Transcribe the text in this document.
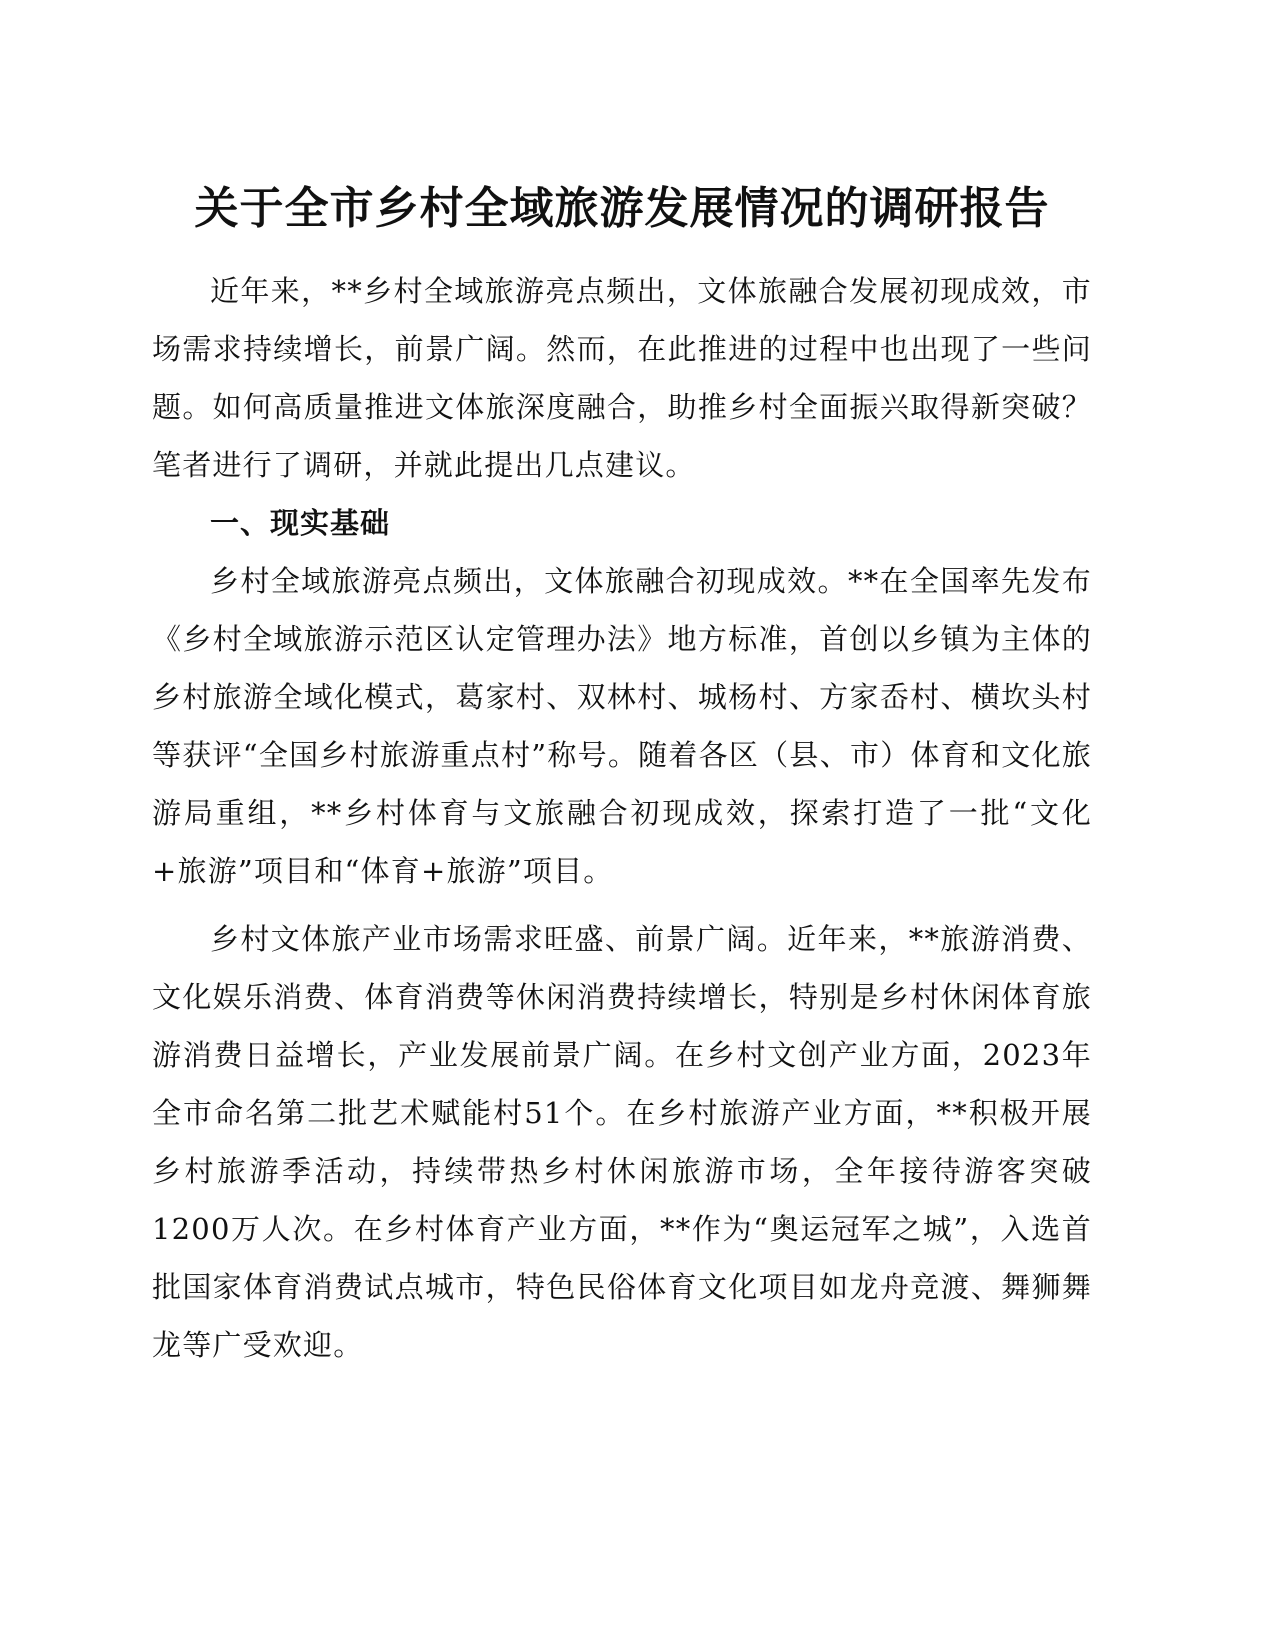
关于全市乡村全域旅游发展情况的调研报告

近年来，**乡村全域旅游亮点频出，文体旅融合发展初现成效，市场需求持续增长，前景广阔。然而，在此推进的过程中也出现了一些问题。如何高质量推进文体旅深度融合，助推乡村全面振兴取得新突破？笔者进行了调研，并就此提出几点建议。

一、现实基础

乡村全域旅游亮点频出，文体旅融合初现成效。**在全国率先发布《乡村全域旅游示范区认定管理办法》地方标准，首创以乡镇为主体的乡村旅游全域化模式，葛家村、双林村、城杨村、方家岙村、横坎头村等获评“全国乡村旅游重点村”称号。随着各区（县、市）体育和文化旅游局重组，**乡村体育与文旅融合初现成效，探索打造了一批“文化+旅游”项目和“体育+旅游”项目。

乡村文体旅产业市场需求旺盛、前景广阔。近年来，**旅游消费、文化娱乐消费、体育消费等休闲消费持续增长，特别是乡村休闲体育旅游消费日益增长，产业发展前景广阔。在乡村文创产业方面，2023年全市命名第二批艺术赋能村51个。在乡村旅游产业方面，**积极开展乡村旅游季活动，持续带热乡村休闲旅游市场，全年接待游客突破1200万人次。在乡村体育产业方面，**作为“奥运冠军之城”，入选首批国家体育消费试点城市，特色民俗体育文化项目如龙舟竞渡、舞狮舞龙等广受欢迎。
